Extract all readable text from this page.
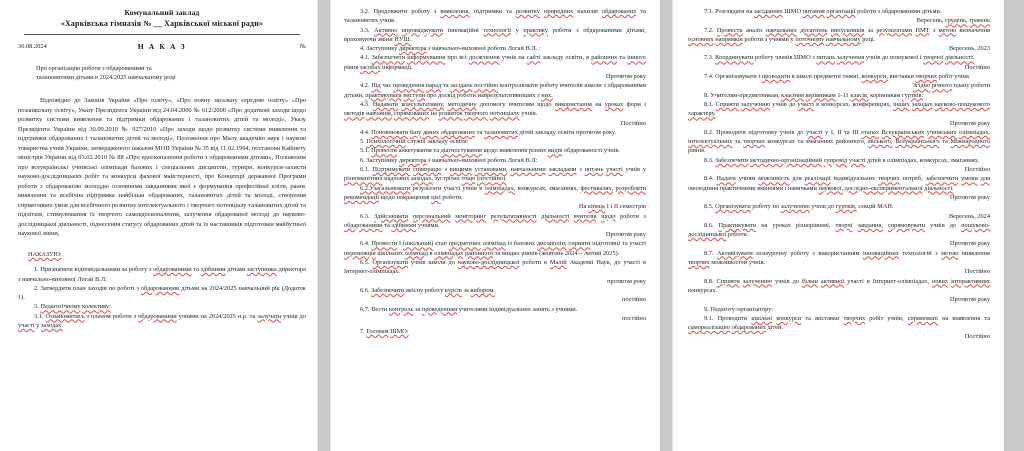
Комунальний заклад
«Харківська гімназія № __ Харківської міської ради»
Н А К А З
30.08.2024	№
Про організацію роботи з обдарованими та талановитими дітьми в 2024/2025 навчальному році
Відповідно до Законів України «Про освіту», «Про повну загальну середню освіту» «Про позашкільну освіту», Указу Президента України від 24.04.2000 № 612/2000 «Про додаткові заходи щодо розвитку системи виявлення та підтримки обдарованих і талановитих дітей та молоді», Указу Президента України від 30.09.2010 № 927/2010 «Про заходи щодо розвитку системи виявлення та підтримки обдарованих і талановитих дітей та молоді», Положення про Малу академію наук і наукові товариства учнів України, затвердженого наказом МОН України № 35 від 11.02.1994, постанови Кабінету міністрів України від 03.02.2010 № 88 «Про вдосконалення роботи з обдарованими дітьми», Положення про всеукраїнські учнівські олімпіади базових і спеціальних дисциплін, турнірн, конкурси-захисти науково-дослідницьких робіт та конкурси фахової майстерності, про Концепції державної Програми роботи з обдарованою молоддю основними завданнями якої є формування професійної еліти, раннє виявлення та всебічна підтримка найбільш обдарованих, талановитих дітей та молоді, створення сприятливих умов для всебічного розвитку інтелектуального і творчого потенціалу талановитих дітей та підлітків, стимулювання їх творчого самовдосконалення, залучення обдарованої молоді до науково-дослідницької діяльності, піднесення статусу обдарованих дітей та їх наставників підготовки майбутньої наукової зміни,
НАКАЗУЮ:

1. Призначити відповідальними за роботу з обдарованими та здібними дітьми заступника директора з навчально-виховної Логай В.Л.

2. Затвердити план заходів по роботі з обдарованими дітьми на 2024/2025 навчальний рік (Додаток 1).

3. Педагогічному колективу:

3.1. Ознайомитись з планом роботи з обдарованими учнями на 2024/2025 н.р. та залучати учнів до участі у заходах.

3.2. Продовжити роботу з виявлення, підтримки та розвитку природних нахилів обдарованих та талановитих учнів.

3.3. Активно впроваджувати інноваційні технології у практику роботи з обдарованими дітьми, враховуючи зміни НУШ.

4. Заступнику директора з навчально-виховної роботи Логай В.Л. :

4.1. Забезпечити інформування про всі досягнення учнів на сайті закладу освіти, в районних та іншого рівня засобах інформації.

Протягом року

4.2. Під час проведення нарад та засідань постійно контролювати роботу вчителів школи з обдарованими дітьми, практикувати виступи про досвід роботи найрезультативніших з них.

4.3. Надавати консультативну, методичну допомогу вчителям щодо використання на уроках форм і методів навчання, спрямованих на розвиток творчого потенціалу учнів.

Постійно

4.4. Поповнювати базу даних обдарованих та талановитих дітей закладу освіти протягом року.

5. Психологічній службі закладу освіти:

5.1. Провести анкетування та діагностування щодо виявлення різних видів обдарованості учнів.

6. Заступнику директора з навчально-виховної роботи Логай В.Л:

6.1. Підтримувати співпрацю з вищими установами, навчальними закладами з питань участі учнів у різноманітних надхових заходах, зустрічах тощо (постійно).

6.2.Узагальнювати результати участі учнів в олімпіадах, конкурсах, змаганнях, фестивалях, розробляти рекомендації щодо покращення цієї роботи.

На кінець І і ІІ семестрів

6.3. Здійснювати персональний моніторинг результативності діяльності вчителів щодо роботи з обдарованими та здібними учнями.

Протягом року

6.4. Провести I (шкільний) етап предметних олімпіад із базових дисциплін; сприяти підготовці та участі переможців шкільних олімпіад в олімпіадах районного та вищих рівнів (жовтень 2024 – лютий 2025).

6.5. Організувати учнів школи до науково-дослідницької роботи в Малій Академії Наук, до участі в Інтернет-олімпіадах.

протягом року

6.6. Забезпечити якісну роботу курсів за вибором.

постійно

6.7. Вести контроль за проведенням учителями індивідуальних занять з учнями.

постійно

7. Головам ШМО:

7.1. Розглядати на засіданнях ШМО питання організації роботи з обдарованими дітьми.

Вересень, грудень, травень

7.2. Провести аналіз навчальних досягнень випускників за результатами НМТ з метою визначення основних напрямків роботи з учнями у поточному навчальному році.

Вересень, 2023

7.3. Координувати роботу членів ШМО з питань залучення учнів до пошукової і творчої діяльності.

Постійно

7.4. Організовувати і проводити в школі предметні тижні, конкурси, виставки творчих робіт учнів.

Згідно річного плану роботи

8. Учителям-предметникам, класним керівникам 1-11 класів, керівникам гуртків:

8.1. Сприяти залученню учнів до участі в конкурсах, конференціях, інших заходах науково-пошукового характеру.

Протягом року

8.2. Проводити підготовку учнів до участі у І, ІІ та ІІІ етапах Всеукраїнських учнівських олімпіадах, інтелектуальних та творчих конкурсах та змаганнях районного, міського, Всеукраїнського та Міжнародного рівнів.

8.3. Забезпечити методично-організаційний супровід участі дітей в олімпіадах, конкурсах, змаганнях.

Постійно

8.4. Надати учням можливість для реалізації індивідуальних творчих потреб, забезпечити умови для оволодіння практичними вміннями і навичками наукової, дослідно-експериментальної діяльності.

Протягом року

8.5. Організувати роботу по залученню учнів до гуртків, секцій МАН.

Вересень, 2024

8.6. Практикувати на уроках різнорівневі, творчі завдання, спрямовувати учнів до пошуково-дослідницької роботи.

Протягом року

8.7. Активізувати позаурочну роботу з використанням інноваційних технологій з метою виявлення творчих можливостей учнів.

Постійно

8.8. Сприяти залученню учнів до більш активної участі в Інтернет-олімпіадах, нових інтерактивних конкурсах.

Протягом року

9. Педагогу-організатору:

9.1. Проводити шкільні конкурси та виставки творчих робіт учнів, спрямовані на виявлення та самореалізацію обдарованих дітей.

Постійно
